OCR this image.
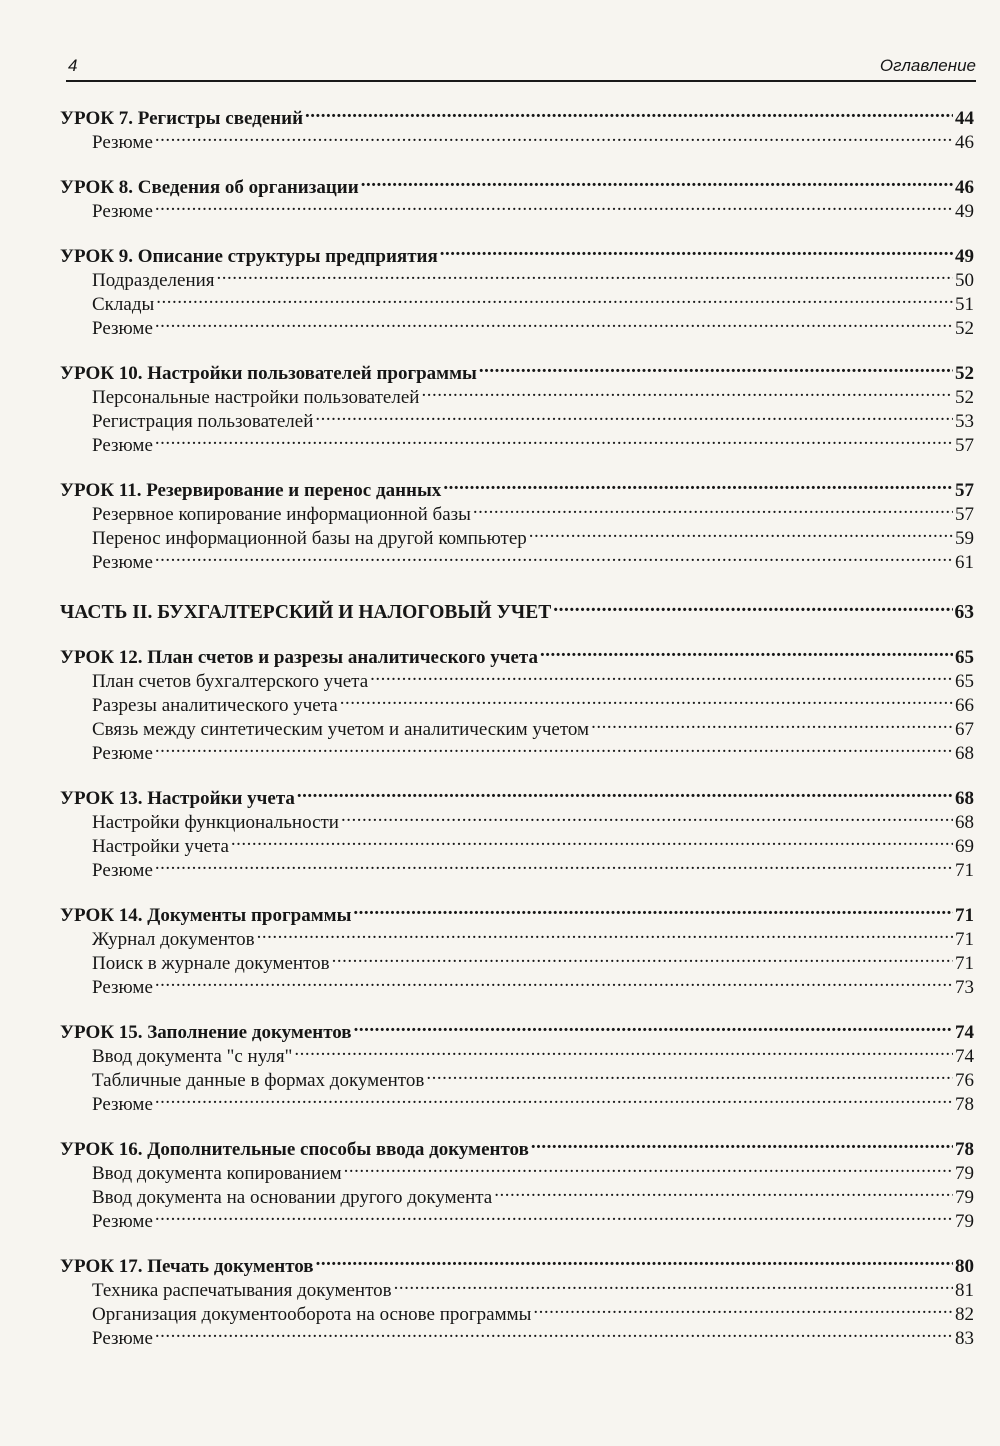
4	Оглавление
УРОК 7. Регистры сведений .....	44
Резюме .....	46
УРОК 8. Сведения об организации .....	46
Резюме .....	49
УРОК 9. Описание структуры предприятия .....	49
Подразделения .....	50
Склады .....	51
Резюме .....	52
УРОК 10. Настройки пользователей программы .....	52
Персональные настройки пользователей .....	52
Регистрация пользователей .....	53
Резюме .....	57
УРОК 11. Резервирование и перенос данных .....	57
Резервное копирование информационной базы .....	57
Перенос информационной базы на другой компьютер .....	59
Резюме .....	61
ЧАСТЬ II. БУХГАЛТЕРСКИЙ И НАЛОГОВЫЙ УЧЕТ .....	63
УРОК 12. План счетов и разрезы аналитического учета .....	65
План счетов бухгалтерского учета .....	65
Разрезы аналитического учета .....	66
Связь между синтетическим учетом и аналитическим учетом .....	67
Резюме .....	68
УРОК 13. Настройки учета .....	68
Настройки функциональности .....	68
Настройки учета .....	69
Резюме .....	71
УРОК 14. Документы программы .....	71
Журнал документов .....	71
Поиск в журнале документов .....	71
Резюме .....	73
УРОК 15. Заполнение документов .....	74
Ввод документа "с нуля" .....	74
Табличные данные в формах документов .....	76
Резюме .....	78
УРОК 16. Дополнительные способы ввода документов .....	78
Ввод документа копированием .....	79
Ввод документа на основании другого документа .....	79
Резюме .....	79
УРОК 17. Печать документов .....	80
Техника распечатывания документов .....	81
Организация документооборота на основе программы .....	82
Резюме .....	83
